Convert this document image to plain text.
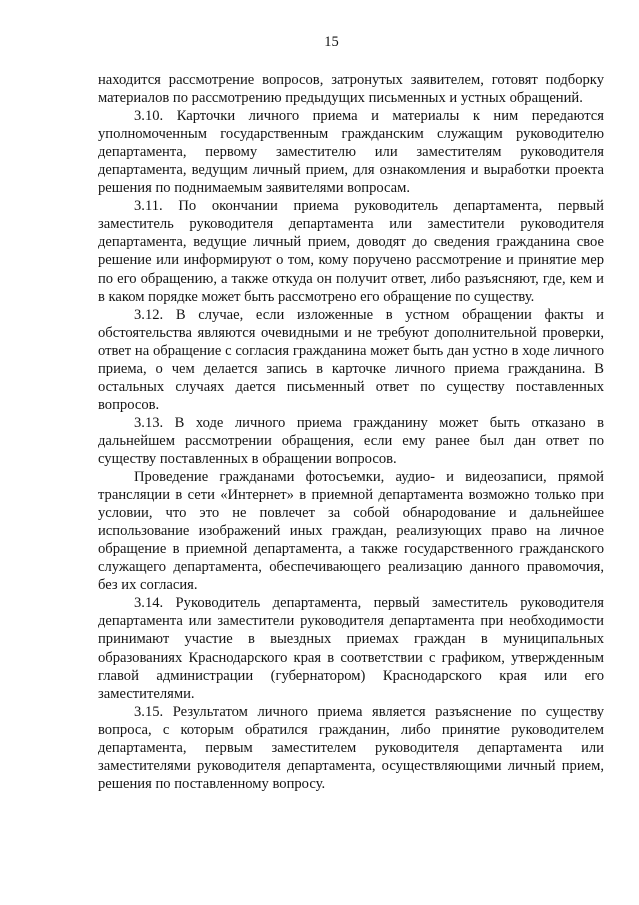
15

находится рассмотрение вопросов, затронутых заявителем, готовят подборку материалов по рассмотрению предыдущих письменных и устных обращений.

3.10. Карточки личного приема и материалы к ним передаются уполномоченным государственным гражданским служащим руководителю департамента, первому заместителю или заместителям руководителя департамента, ведущим личный прием, для ознакомления и выработки проекта решения по поднимаемым заявителями вопросам.

3.11. По окончании приема руководитель департамента, первый заместитель руководителя департамента или заместители руководителя департамента, ведущие личный прием, доводят до сведения гражданина свое решение или информируют о том, кому поручено рассмотрение и принятие мер по его обращению, а также откуда он получит ответ, либо разъясняют, где, кем и в каком порядке может быть рассмотрено его обращение по существу.

3.12. В случае, если изложенные в устном обращении факты и обстоятельства являются очевидными и не требуют дополнительной проверки, ответ на обращение с согласия гражданина может быть дан устно в ходе личного приема, о чем делается запись в карточке личного приема гражданина. В остальных случаях дается письменный ответ по существу поставленных вопросов.

3.13. В ходе личного приема гражданину может быть отказано в дальнейшем рассмотрении обращения, если ему ранее был дан ответ по существу поставленных в обращении вопросов.

Проведение гражданами фотосъемки, аудио- и видеозаписи, прямой трансляции в сети «Интернет» в приемной департамента возможно только при условии, что это не повлечет за собой обнародование и дальнейшее использование изображений иных граждан, реализующих право на личное обращение в приемной департамента, а также государственного гражданского служащего департамента, обеспечивающего реализацию данного правомочия, без их согласия.

3.14. Руководитель департамента, первый заместитель руководителя департамента или заместители руководителя департамента при необходимости принимают участие в выездных приемах граждан в муниципальных образованиях Краснодарского края в соответствии с графиком, утвержденным главой администрации (губернатором) Краснодарского края или его заместителями.

3.15. Результатом личного приема является разъяснение по существу вопроса, с которым обратился гражданин, либо принятие руководителем департамента, первым заместителем руководителя департамента или заместителями руководителя департамента, осуществляющими личный прием, решения по поставленному вопросу.
